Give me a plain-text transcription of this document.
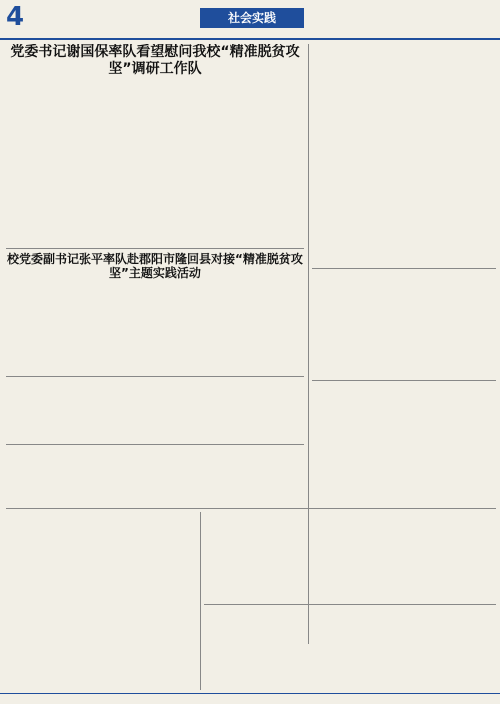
4	社会实践
党委书记谢国保率队看望慰问我校“精准脱贫攻坚”调研工作队
校党委副书记张平率队赴郡阳市隆回县对接“精准脱贫攻坚”主题实践活动
